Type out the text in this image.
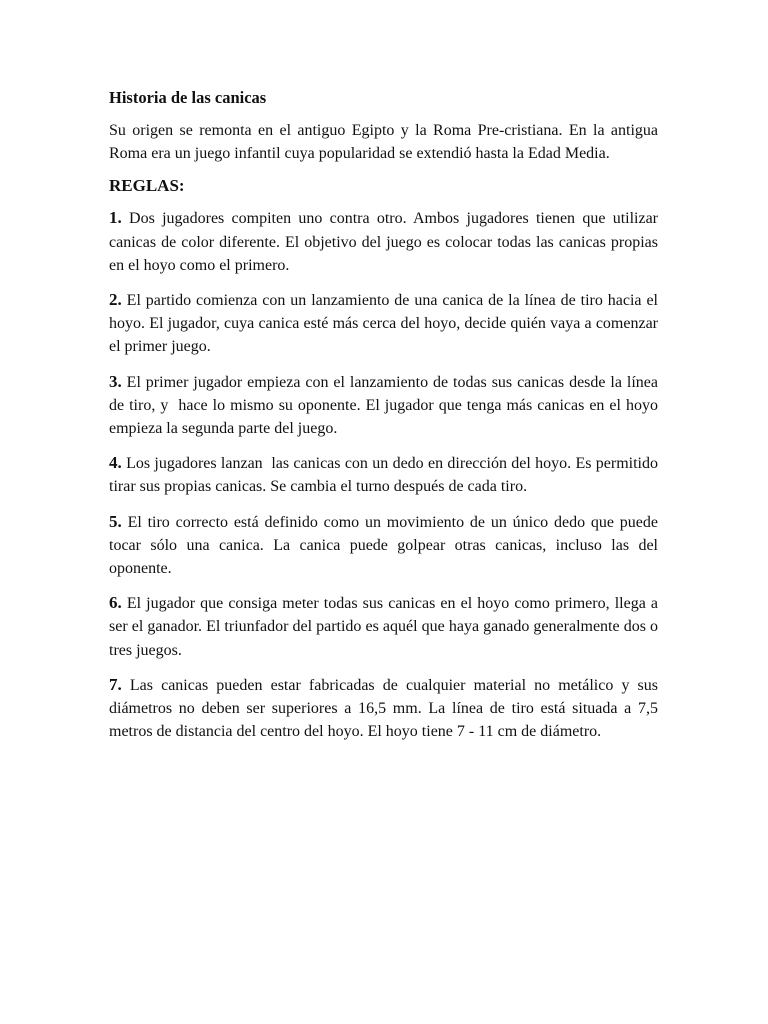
Historia de las canicas
Su origen se remonta en el antiguo Egipto y la Roma Pre-cristiana. En la antigua Roma era un juego infantil cuya popularidad se extendió hasta la Edad Media.
REGLAS:
1. Dos jugadores compiten uno contra otro. Ambos jugadores tienen que utilizar canicas de color diferente. El objetivo del juego es colocar todas las canicas propias en el hoyo como el primero.
2. El partido comienza con un lanzamiento de una canica de la línea de tiro hacia el hoyo. El jugador, cuya canica esté más cerca del hoyo, decide quién vaya a comenzar el primer juego.
3. El primer jugador empieza con el lanzamiento de todas sus canicas desde la línea de tiro, y  hace lo mismo su oponente. El jugador que tenga más canicas en el hoyo empieza la segunda parte del juego.
4. Los jugadores lanzan  las canicas con un dedo en dirección del hoyo. Es permitido tirar sus propias canicas. Se cambia el turno después de cada tiro.
5. El tiro correcto está definido como un movimiento de un único dedo que puede tocar sólo una canica. La canica puede golpear otras canicas, incluso las del oponente.
6. El jugador que consiga meter todas sus canicas en el hoyo como primero, llega a ser el ganador. El triunfador del partido es aquél que haya ganado generalmente dos o tres juegos.
7. Las canicas pueden estar fabricadas de cualquier material no metálico y sus diámetros no deben ser superiores a 16,5 mm. La línea de tiro está situada a 7,5 metros de distancia del centro del hoyo. El hoyo tiene 7 - 11 cm de diámetro.
